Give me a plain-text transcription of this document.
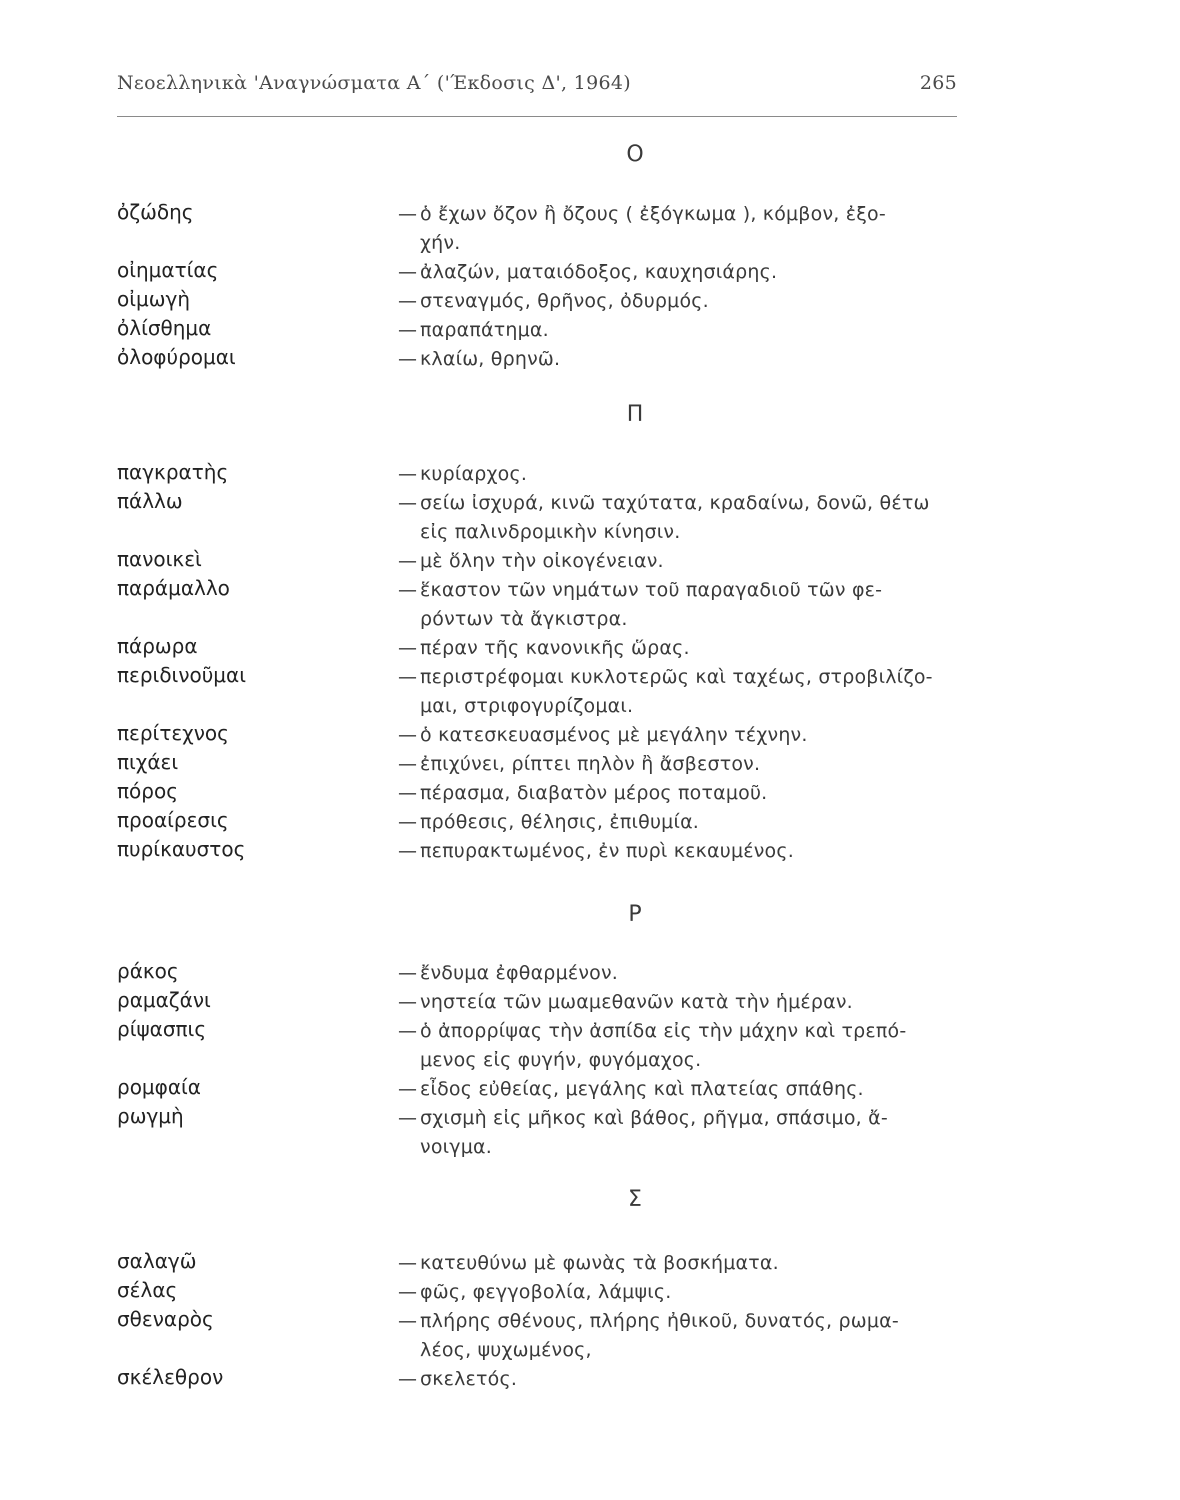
Νεοελληνικὰ 'Αναγνώσματα Α΄ ('Έκδοσις Δ', 1964)	265
Ο
ὀζώδης	— ὁ ἔχων ὄζον ἢ ὄζους ( ἐξόγκωμα ), κόμβον, ἐξο-
χήν.
οἰηματίας	— ἀλαζών, ματαιόδοξος, καυχησιάρης.
οἰμωγὴ	— στεναγμός, θρῆνος, ὀδυρμός.
ὀλίσθημα	— παραπάτημα.
ὀλοφύρομαι	— κλαίω, θρηνῶ.
Π
παγκρατὴς	— κυρίαρχος.
πάλλω	— σείω ἰσχυρά, κινῶ ταχύτατα, κραδαίνω, δονῶ, θέτω
εἰς παλινδρομικὴν κίνησιν.
πανοικεὶ	— μὲ ὅλην τὴν οἰκογένειαν.
παράμαλλο	— ἕκαστον τῶν νημάτων τοῦ παραγαδιοῦ τῶν φε-
ρόντων τὰ ἄγκιστρα.
πάρωρα	— πέραν τῆς κανονικῆς ὥρας.
περιδινοῦμαι	— περιστρέφομαι κυκλοτερῶς καὶ ταχέως, στροβιλίζο-
μαι, στριφογυρίζομαι.
περίτεχνος	— ὁ κατεσκευασμένος μὲ μεγάλην τέχνην.
πιχάει	— ἐπιχύνει, ρίπτει πηλὸν ἢ ἄσβεστον.
πόρος	— πέρασμα, διαβατὸν μέρος ποταμοῦ.
προαίρεσις	— πρόθεσις, θέλησις, ἐπιθυμία.
πυρίκαυστος	— πεπυρακτωμένος, ἐν πυρὶ κεκαυμένος.
Ρ
ράκος	— ἔνδυμα ἐφθαρμένον.
ραμαζάνι	— νηστεία τῶν μωαμεθανῶν κατὰ τὴν ἡμέραν.
ρίψασπις	— ὁ ἀπορρίψας τὴν ἀσπίδα εἰς τὴν μάχην καὶ τρεπό-
μενος εἰς φυγήν, φυγόμαχος.
ρομφαία	— εἶδος εὐθείας, μεγάλης καὶ πλατείας σπάθης.
ρωγμὴ	— σχισμὴ εἰς μῆκος καὶ βάθος, ρῆγμα, σπάσιμο, ἄ-
νοιγμα.
Σ
σαλαγῶ	— κατευθύνω μὲ φωνὰς τὰ βοσκήματα.
σέλας	— φῶς, φεγγοβολία, λάμψις.
σθεναρὸς	— πλήρης σθένους, πλήρης ἠθικοῦ, δυνατός, ρωμα-
λέος, ψυχωμένος,
σκέλεθρον	— σκελετός.
